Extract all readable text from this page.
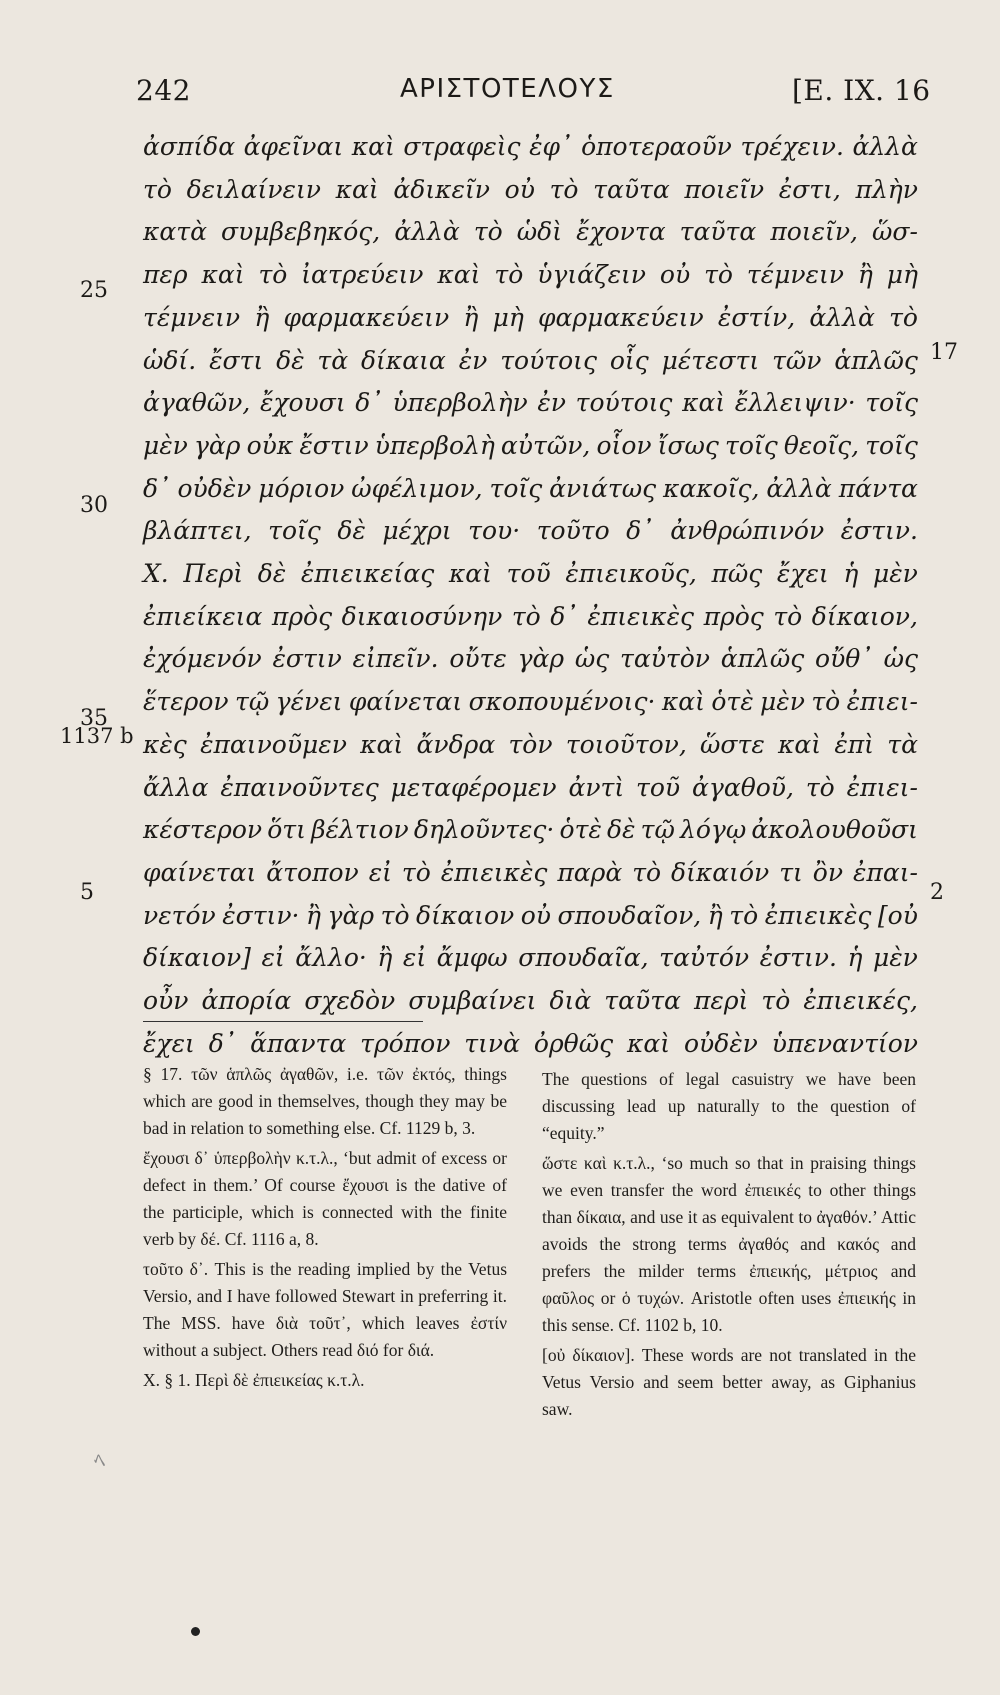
242	ΑΡΙΣΤΟΤΕΛΟΥΣ	[E. IX. 16
ἀσπίδα ἀφεῖναι καὶ στραφεὶς ἐφ᾽ ὁποτεραοῦν τρέχειν. ἀλλὰ
τὸ δειλαίνειν καὶ ἀδικεῖν οὐ τὸ ταῦτα ποιεῖν ἐστι, πλὴν
κατὰ συμβεβηκός, ἀλλὰ τὸ ὡδὶ ἔχοντα ταῦτα ποιεῖν, ὥσ-
περ καὶ τὸ ἰατρεύειν καὶ τὸ ὑγιάζειν οὐ τὸ τέμνειν ἢ μὴ
τέμνειν ἢ φαρμακεύειν ἢ μὴ φαρμακεύειν ἐστίν, ἀλλὰ τὸ
ὡδί. ἔστι δὲ τὰ δίκαια ἐν τούτοις οἷς μέτεστι τῶν ἁπλῶς
ἀγαθῶν, ἔχουσι δ᾽ ὑπερβολὴν ἐν τούτοις καὶ ἔλλειψιν· τοῖς
μὲν γὰρ οὐκ ἔστιν ὑπερβολὴ αὐτῶν, οἷον ἴσως τοῖς θεοῖς, τοῖς
δ᾽ οὐδὲν μόριον ὠφέλιμον, τοῖς ἀνιάτως κακοῖς, ἀλλὰ πάντα
βλάπτει, τοῖς δὲ μέχρι του· τοῦτο δ᾽ ἀνθρώπινόν ἐστιν.
X. Περὶ δὲ ἐπιεικείας καὶ τοῦ ἐπιεικοῦς, πῶς ἔχει ἡ μὲν
ἐπιείκεια πρὸς δικαιοσύνην τὸ δ᾽ ἐπιεικὲς πρὸς τὸ δίκαιον,
ἐχόμενόν ἐστιν εἰπεῖν. οὔτε γὰρ ὡς ταὐτὸν ἁπλῶς οὔθ᾽ ὡς
ἕτερον τῷ γένει φαίνεται σκοπουμένοις· καὶ ὁτὲ μὲν τὸ ἐπιει-
κὲς ἐπαινοῦμεν καὶ ἄνδρα τὸν τοιοῦτον, ὥστε καὶ ἐπὶ τὰ
ἄλλα ἐπαινοῦντες μεταφέρομεν ἀντὶ τοῦ ἀγαθοῦ, τὸ ἐπιει-
κέστερον ὅτι βέλτιον δηλοῦντες· ὁτὲ δὲ τῷ λόγῳ ἀκολουθοῦσι
φαίνεται ἄτοπον εἰ τὸ ἐπιεικὲς παρὰ τὸ δίκαιόν τι ὂν ἐπαι-
νετόν ἐστιν· ἢ γὰρ τὸ δίκαιον οὐ σπουδαῖον, ἢ τὸ ἐπιεικὲς [οὐ
δίκαιον] εἰ ἄλλο· ἢ εἰ ἄμφω σπουδαῖα, ταὐτόν ἐστιν. ἡ μὲν
οὖν ἀπορία σχεδὸν συμβαίνει διὰ ταῦτα περὶ τὸ ἐπιεικές,
ἔχει δ᾽ ἅπαντα τρόπον τινὰ ὀρθῶς καὶ οὐδὲν ὑπεναντίον
25
30
35
1137 b
5
17
2

§ 17. τῶν ἁπλῶς ἀγαθῶν, i.e. τῶν ἐκτός, things which are good in themselves, though they may be bad in relation to something else. Cf. 1129 b, 3.

ἔχουσι δ᾽ ὑπερβολὴν κ.τ.λ., ‘but admit of excess or defect in them.’ Of course ἔχουσι is the dative of the participle, which is connected with the finite verb by δέ. Cf. 1116 a, 8.

τοῦτο δ᾽. This is the reading implied by the Vetus Versio, and I have followed Stewart in preferring it. The MSS. have διὰ τοῦτ᾽, which leaves ἐστίν without a subject. Others read διό for διά.

X. § 1. Περὶ δὲ ἐπιεικείας κ.τ.λ.

The questions of legal casuistry we have been discussing lead up naturally to the question of “equity.”

ὥστε καὶ κ.τ.λ., ‘so much so that in praising things we even transfer the word ἐπιεικές to other things than δίκαια, and use it as equivalent to ἀγαθόν.’ Attic avoids the strong terms ἀγαθός and κακός and prefers the milder terms ἐπιεικής, μέτριος and φαῦλος or ὁ τυχών. Aristotle often uses ἐπιεικής in this sense. Cf. 1102 b, 10.

[οὐ δίκαιον]. These words are not translated in the Vetus Versio and seem better away, as Giphanius saw.

ﾍ
